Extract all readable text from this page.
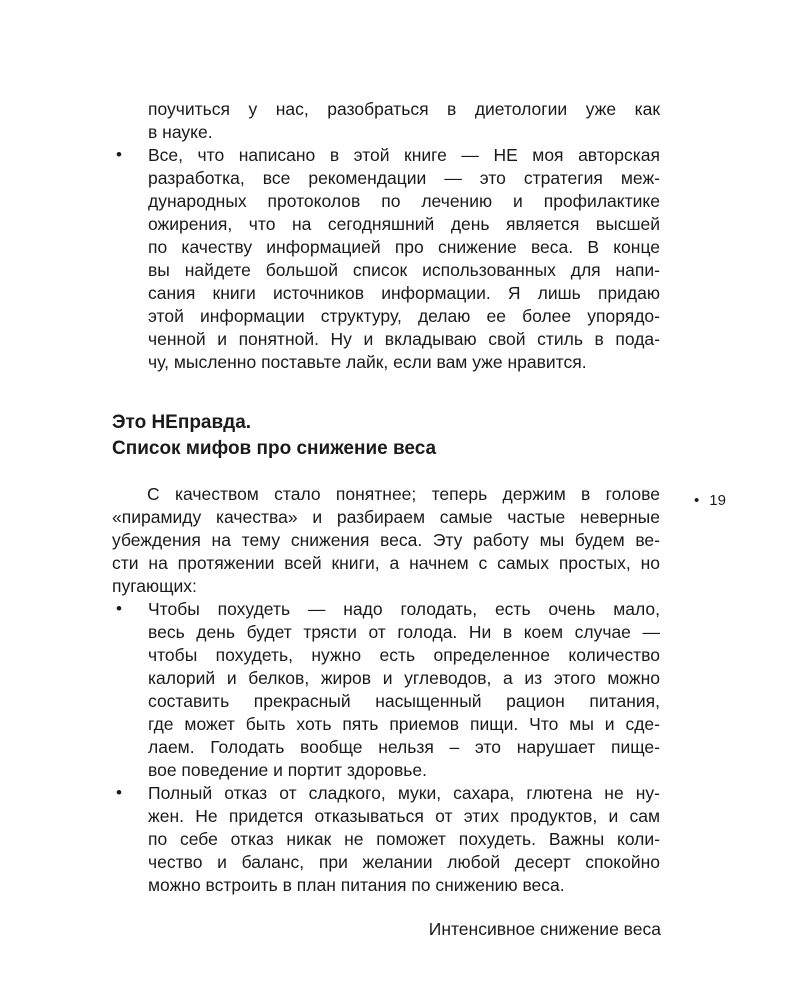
поучиться у нас, разобраться в диетологии уже как
в науке.
• Все, что написано в этой книге — НЕ моя авторская
разработка, все рекомендации — это стратегия меж-
дународных протоколов по лечению и профилактике
ожирения, что на сегодняшний день является высшей
по качеству информацией про снижение веса. В конце
вы найдете большой список использованных для напи-
сания книги источников информации. Я лишь придаю
этой информации структуру, делаю ее более упорядо-
ченной и понятной. Ну и вкладываю свой стиль в пода-
чу, мысленно поставьте лайк, если вам уже нравится.
Это НЕправда.
Список мифов про снижение веса
С качеством стало понятнее; теперь держим в голове
«пирамиду качества» и разбираем самые частые неверные
убеждения на тему снижения веса. Эту работу мы будем ве-
сти на протяжении всей книги, а начнем с самых простых, но
пугающих:
• 19
• Чтобы похудеть — надо голодать, есть очень мало,
весь день будет трясти от голода. Ни в коем случае —
чтобы похудеть, нужно есть определенное количество
калорий и белков, жиров и углеводов, а из этого можно
составить прекрасный насыщенный рацион питания,
где может быть хоть пять приемов пищи. Что мы и сде-
лаем. Голодать вообще нельзя – это нарушает пище-
вое поведение и портит здоровье.
• Полный отказ от сладкого, муки, сахара, глютена не ну-
жен. Не придется отказываться от этих продуктов, и сам
по себе отказ никак не поможет похудеть. Важны коли-
чество и баланс, при желании любой десерт спокойно
можно встроить в план питания по снижению веса.
Интенсивное снижение веса
